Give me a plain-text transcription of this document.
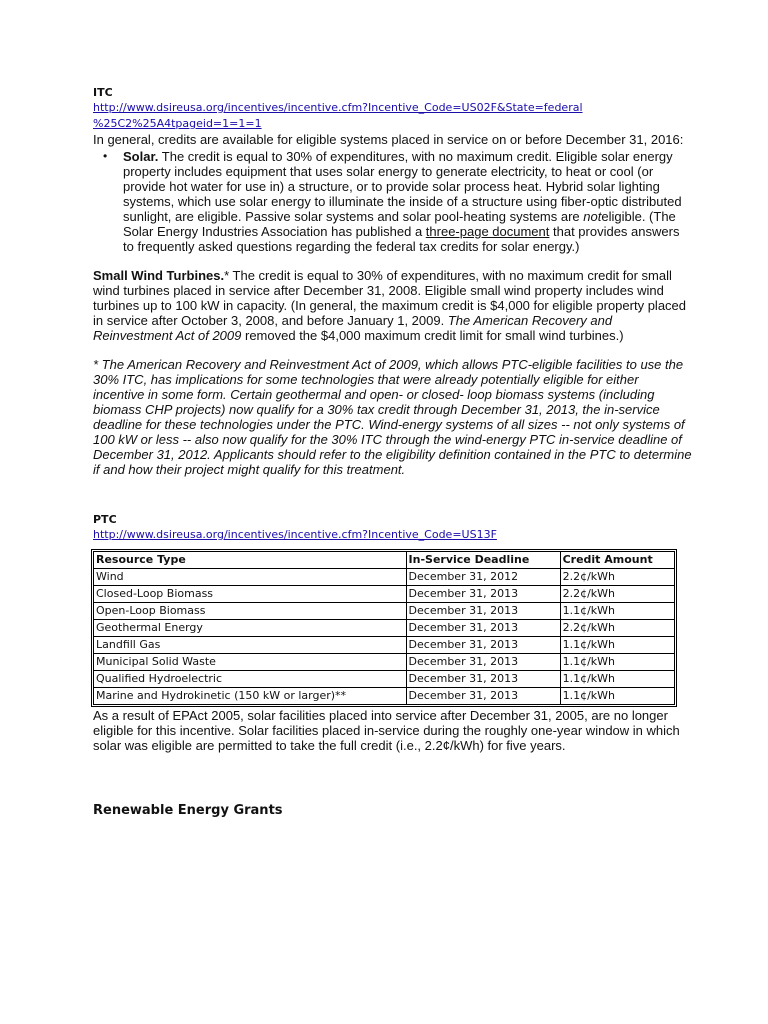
ITC
http://www.dsireusa.org/incentives/incentive.cfm?Incentive_Code=US02F&State=federal
%25C2%25A4tpageid=1=1=1

In general, credits are available for eligible systems placed in service on or before December 31, 2016:

• Solar. The credit is equal to 30% of expenditures, with no maximum credit. Eligible solar energy property includes equipment that uses solar energy to generate electricity, to heat or cool (or provide hot water for use in) a structure, or to provide solar process heat. Hybrid solar lighting systems, which use solar energy to illuminate the inside of a structure using fiber-optic distributed sunlight, are eligible. Passive solar systems and solar pool-heating systems are noteligible. (The Solar Energy Industries Association has published a three-page document that provides answers to frequently asked questions regarding the federal tax credits for solar energy.)

Small Wind Turbines.* The credit is equal to 30% of expenditures, with no maximum credit for small wind turbines placed in service after December 31, 2008. Eligible small wind property includes wind turbines up to 100 kW in capacity. (In general, the maximum credit is $4,000 for eligible property placed in service after October 3, 2008, and before January 1, 2009. The American Recovery and Reinvestment Act of 2009 removed the $4,000 maximum credit limit for small wind turbines.)

* The American Recovery and Reinvestment Act of 2009, which allows PTC-eligible facilities to use the 30% ITC, has implications for some technologies that were already potentially eligible for either incentive in some form. Certain geothermal and open- or closed- loop biomass systems (including biomass CHP projects) now qualify for a 30% tax credit through December 31, 2013, the in-service deadline for these technologies under the PTC. Wind-energy systems of all sizes -- not only systems of 100 kW or less -- also now qualify for the 30% ITC through the wind-energy PTC in-service deadline of December 31, 2012. Applicants should refer to the eligibility definition contained in the PTC to determine if and how their project might qualify for this treatment.

PTC
http://www.dsireusa.org/incentives/incentive.cfm?Incentive_Code=US13F
Resource Type	In-Service Deadline	Credit Amount
Wind	December 31, 2012	2.2¢/kWh
Closed-Loop Biomass	December 31, 2013	2.2¢/kWh
Open-Loop Biomass	December 31, 2013	1.1¢/kWh
Geothermal Energy	December 31, 2013	2.2¢/kWh
Landfill Gas	December 31, 2013	1.1¢/kWh
Municipal Solid Waste	December 31, 2013	1.1¢/kWh
Qualified Hydroelectric	December 31, 2013	1.1¢/kWh
Marine and Hydrokinetic (150 kW or larger)**	December 31, 2013	1.1¢/kWh

As a result of EPAct 2005, solar facilities placed into service after December 31, 2005, are no longer eligible for this incentive. Solar facilities placed in-service during the roughly one-year window in which solar was eligible are permitted to take the full credit (i.e., 2.2¢/kWh) for five years.

Renewable Energy Grants
